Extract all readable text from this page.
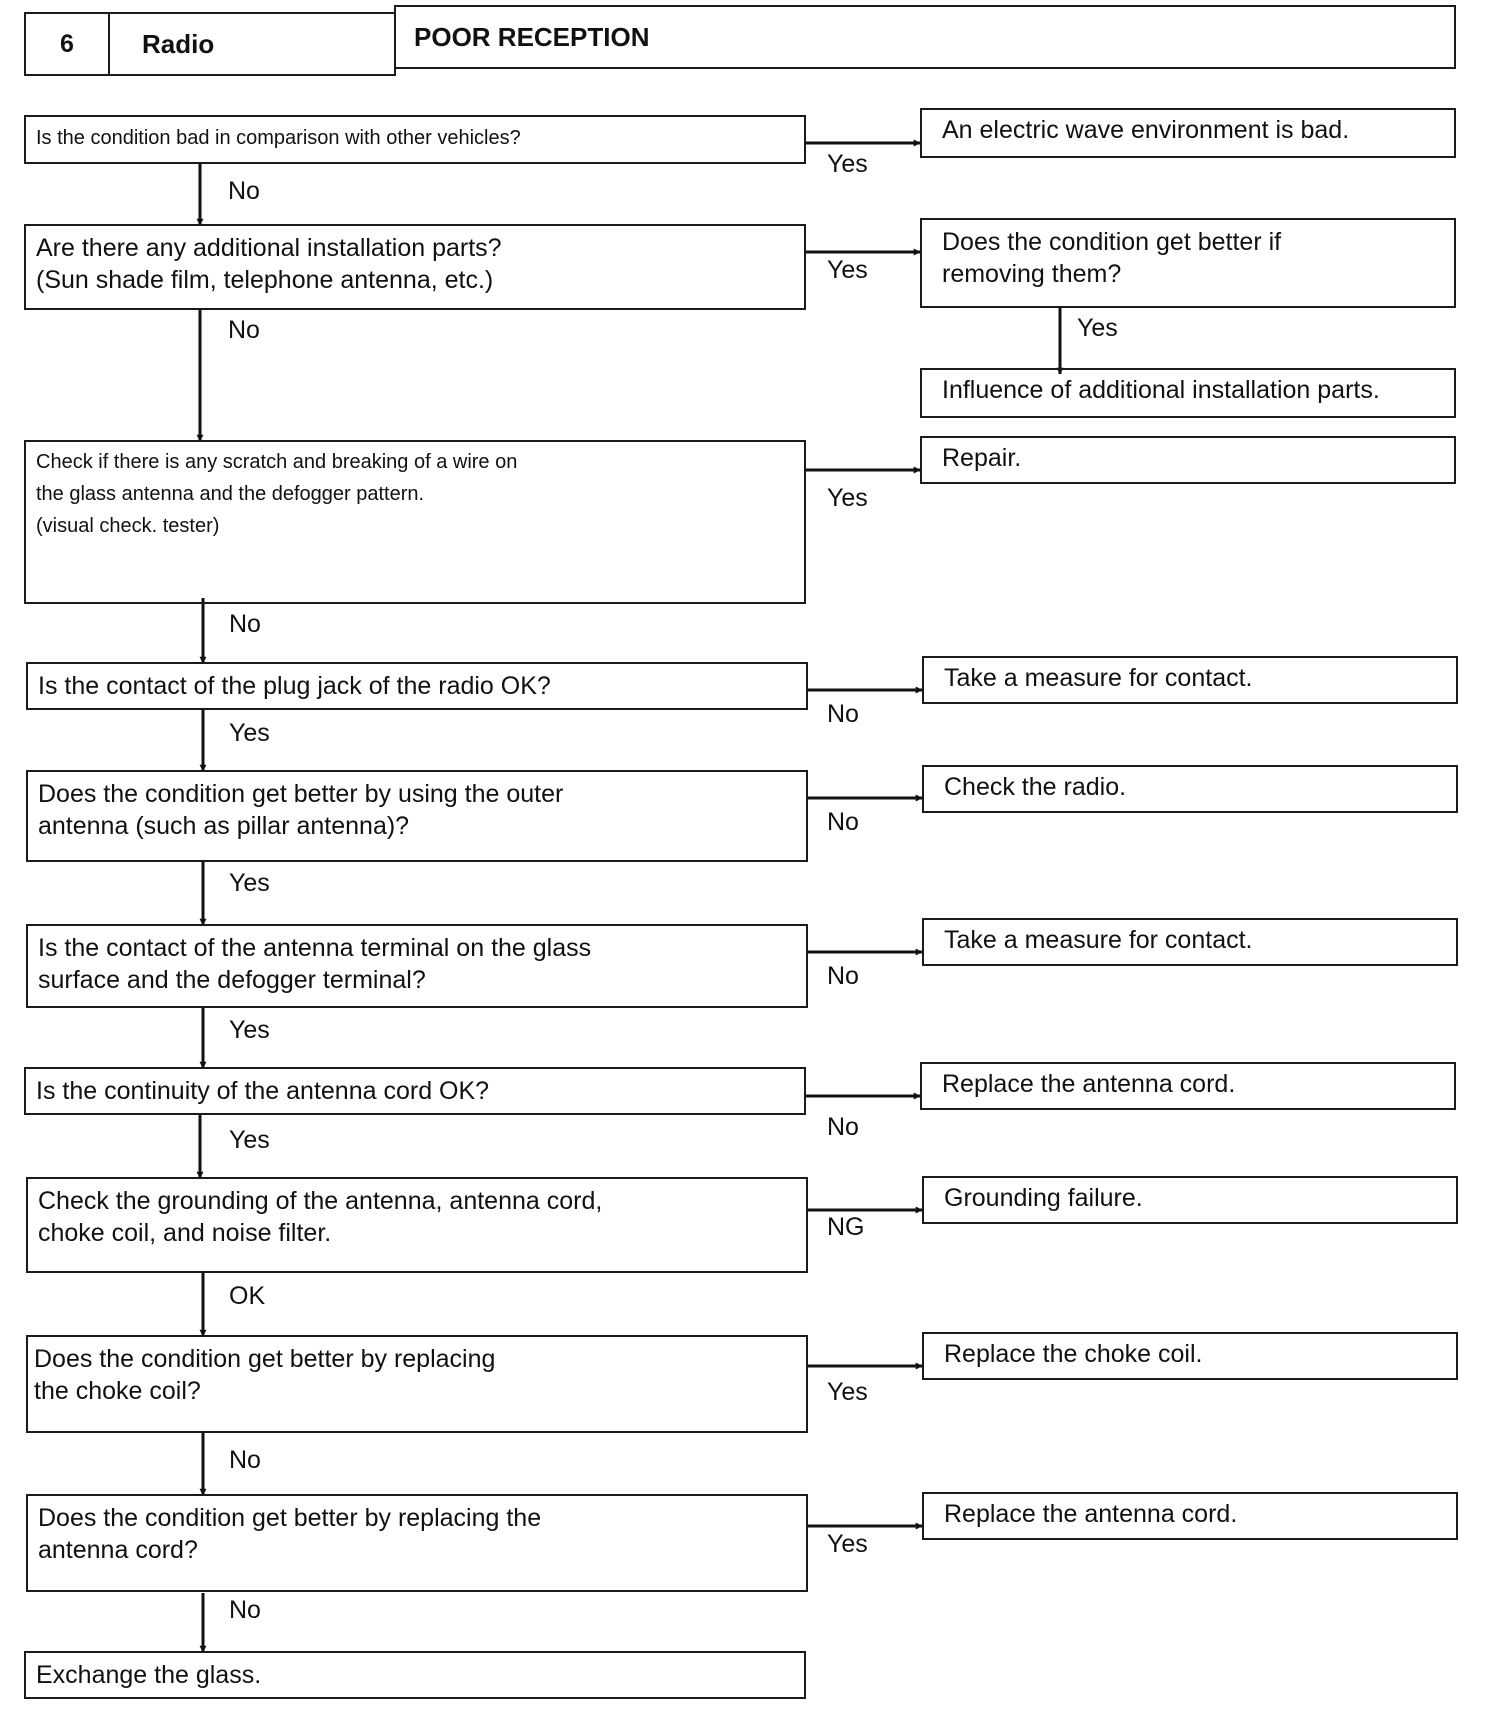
6	Radio	POOR RECEPTION
Is the condition bad in comparison with other vehicles?
Are there any additional installation parts?
(Sun shade film, telephone antenna, etc.)
Check if there is any scratch and breaking of a wire on
the glass antenna and the defogger pattern.
(visual check. tester)
Is the contact of the plug jack of the radio OK?
Does the condition get better by using the outer
antenna (such as pillar antenna)?
Is the contact of the antenna terminal on the glass
surface and the defogger terminal?
Is the continuity of the antenna cord OK?
Check the grounding of the antenna, antenna cord,
choke coil, and noise filter.
Does the condition get better by replacing
the choke coil?
Does the condition get better by replacing the
antenna cord?
Exchange the glass.
An electric wave environment is bad.
Does the condition get better if
removing them?
Influence of additional installation parts.
Repair.
Take a measure for contact.
Check the radio.
Take a measure for contact.
Replace the antenna cord.
Grounding failure.
Replace the choke coil.
Replace the antenna cord.
Yes
No
Yes
No	Yes
Yes
No
No
Yes
No
Yes
No
Yes
No
Yes
NG
OK
Yes
No
Yes
No
